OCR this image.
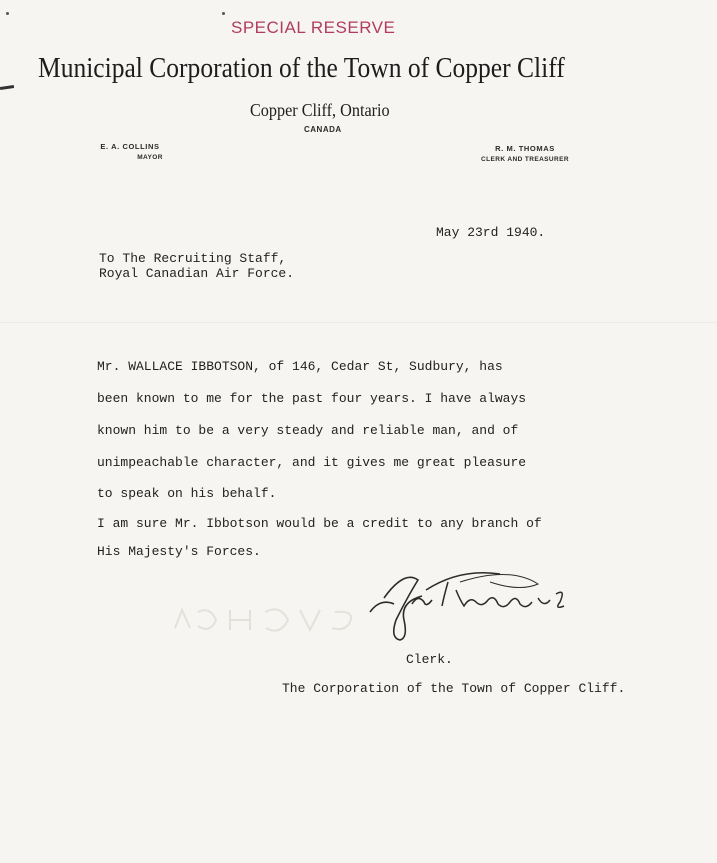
SPECIAL RESERVE
Municipal Corporation of the Town of Copper Cliff
Copper Cliff, Ontario
CANADA
E. A. COLLINS
MAYOR
R. M. THOMAS
CLERK AND TREASURER
May 23rd 1940.
To The Recruiting Staff,
Royal Canadian Air Force.
Mr. WALLACE IBBOTSON, of 146, Cedar St, Sudbury, has
been known to me for the past four years. I have always
known him to be a very steady and reliable man, and of
unimpeachable character, and it gives me great pleasure
to speak on his behalf.
I am sure Mr. Ibbotson would be a credit to any branch of
His Majesty's Forces.
Clerk.
The Corporation of the Town of Copper Cliff.
